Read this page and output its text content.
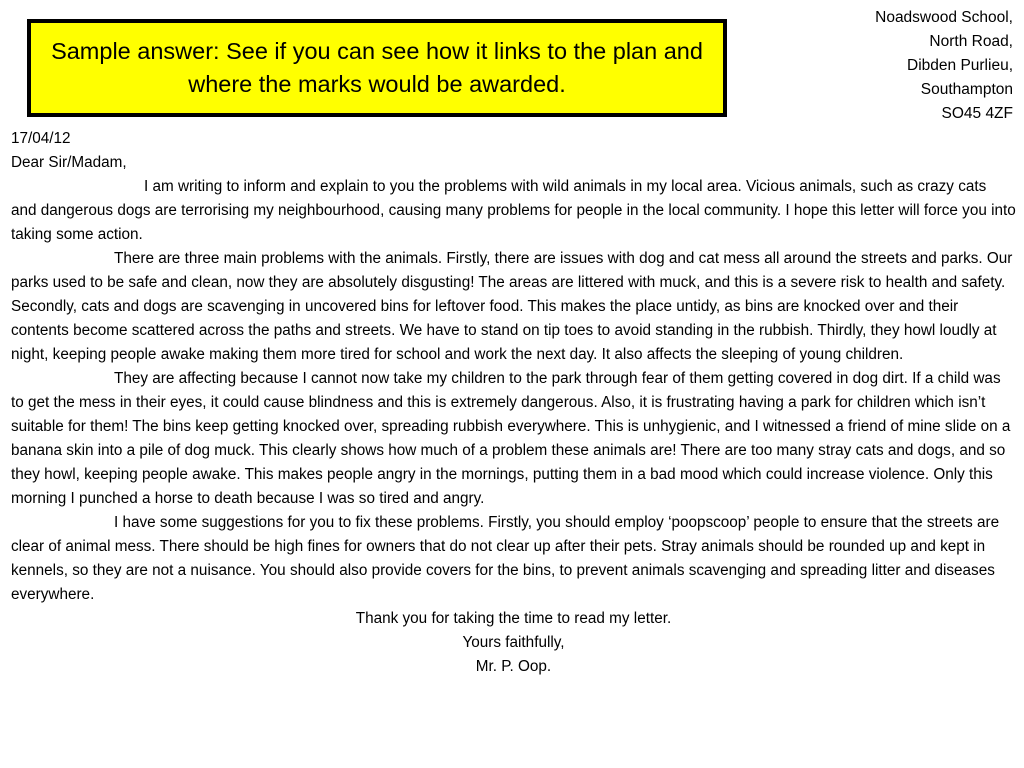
Sample answer: See if you can see how it links to the plan and where the marks would be awarded.
Noadswood School,
North Road,
Dibden Purlieu,
Southampton
SO45 4ZF

17/04/12

Dear Sir/Madam,

I am writing to inform and explain to you the problems with wild animals in my local area. Vicious animals, such as crazy cats and dangerous dogs are terrorising my neighbourhood, causing many problems for people in the local community. I hope this letter will force you into taking some action.

There are three main problems with the animals. Firstly, there are issues with dog and cat mess all around the streets and parks. Our parks used to be safe and clean, now they are absolutely disgusting! The areas are littered with muck, and this is a severe risk to health and safety. Secondly, cats and dogs are scavenging in uncovered bins for leftover food. This makes the place untidy, as bins are knocked over and their contents become scattered across the paths and streets. We have to stand on tip toes to avoid standing in the rubbish. Thirdly, they howl loudly at night, keeping people awake making them more tired for school and work the next day. It also affects the sleeping of young children.

They are affecting because I cannot now take my children to the park through fear of them getting covered in dog dirt. If a child was to get the mess in their eyes, it could cause blindness and this is extremely dangerous. Also, it is frustrating having a park for children which isn’t suitable for them! The bins keep getting knocked over, spreading rubbish everywhere. This is unhygienic, and I witnessed a friend of mine slide on a banana skin into a pile of dog muck. This clearly shows how much of a problem these animals are! There are too many stray cats and dogs, and so they howl, keeping people awake. This makes people angry in the mornings, putting them in a bad mood which could increase violence. Only this morning I punched a horse to death because I was so tired and angry.

I have some suggestions for you to fix these problems. Firstly, you should employ ‘poopscoop’ people to ensure that the streets are clear of animal mess. There should be high fines for owners that do not clear up after their pets. Stray animals should be rounded up and kept in kennels, so they are not a nuisance. You should also provide covers for the bins, to prevent animals scavenging and spreading litter and diseases everywhere.

Thank you for taking the time to read my letter.

Yours faithfully,

Mr. P. Oop.
